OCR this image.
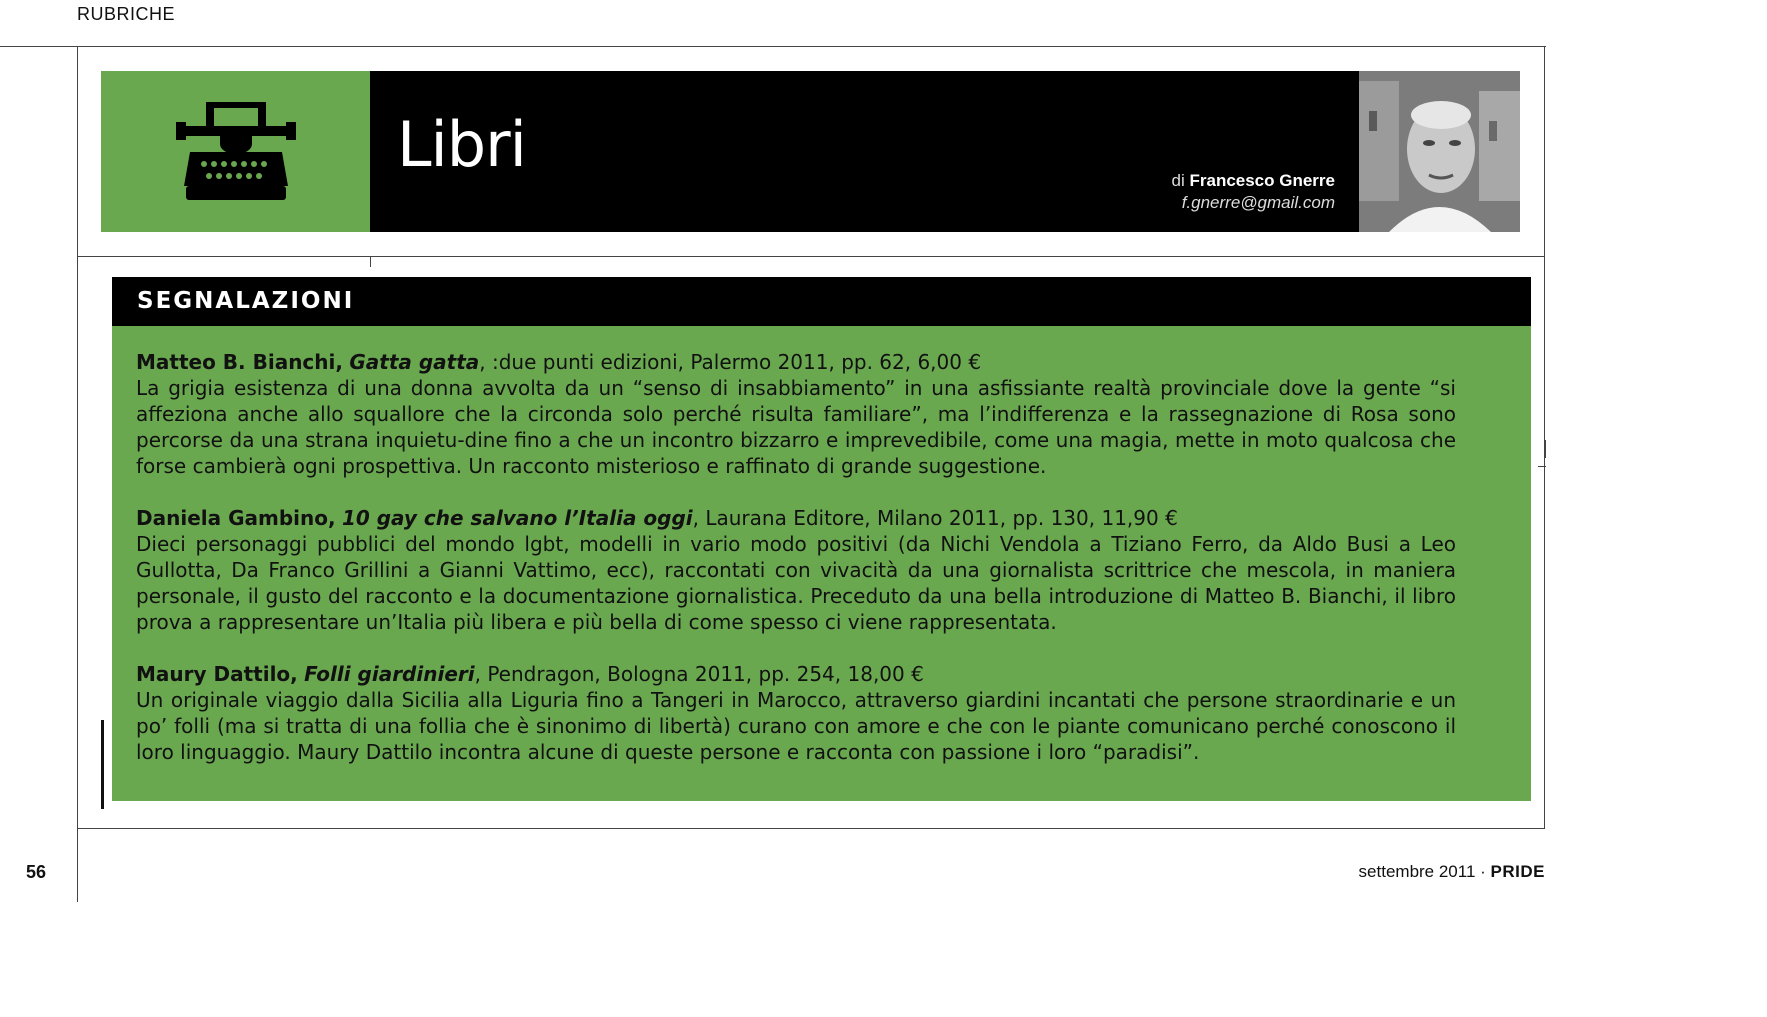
RUBRICHE
Libri	di Francesco Gnerre
f.gnerre@gmail.com
SEGNALAZIONI
Matteo B. Bianchi, Gatta gatta, :due punti edizioni, Palermo 2011, pp. 62, 6,00 €

La grigia esistenza di una donna avvolta da un “senso di insabbiamento” in una asfissiante realtà provinciale dove la gente “si affeziona anche allo squallore che la circonda solo perché risulta familiare”, ma l’indifferenza e la rassegnazione di Rosa sono percorse da una strana inquietu-dine fino a che un incontro bizzarro e imprevedibile, come una magia, mette in moto qualcosa che forse cambierà ogni prospettiva. Un racconto misterioso e raffinato di grande suggestione.

Daniela Gambino, 10 gay che salvano l’Italia oggi, Laurana Editore, Milano 2011, pp. 130, 11,90 €

Dieci personaggi pubblici del mondo lgbt, modelli in vario modo positivi (da Nichi Vendola a Tiziano Ferro, da Aldo Busi a Leo Gullotta, Da Franco Grillini a Gianni Vattimo, ecc), raccontati con vivacità da una giornalista scrittrice che mescola, in maniera personale, il gusto del racconto e la documentazione giornalistica. Preceduto da una bella introduzione di Matteo B. Bianchi, il libro prova a rappresentare un’Italia più libera e più bella di come spesso ci viene rappresentata.

Maury Dattilo, Folli giardinieri, Pendragon, Bologna 2011, pp. 254, 18,00 €

Un originale viaggio dalla Sicilia alla Liguria fino a Tangeri in Marocco, attraverso giardini incantati che persone straordinarie e un po’ folli (ma si tratta di una follia che è sinonimo di libertà) curano con amore e che con le piante comunicano perché conoscono il loro linguaggio. Maury Dattilo incontra alcune di queste persone e racconta con passione i loro “paradisi”.

56	settembre 2011 · PRIDE
